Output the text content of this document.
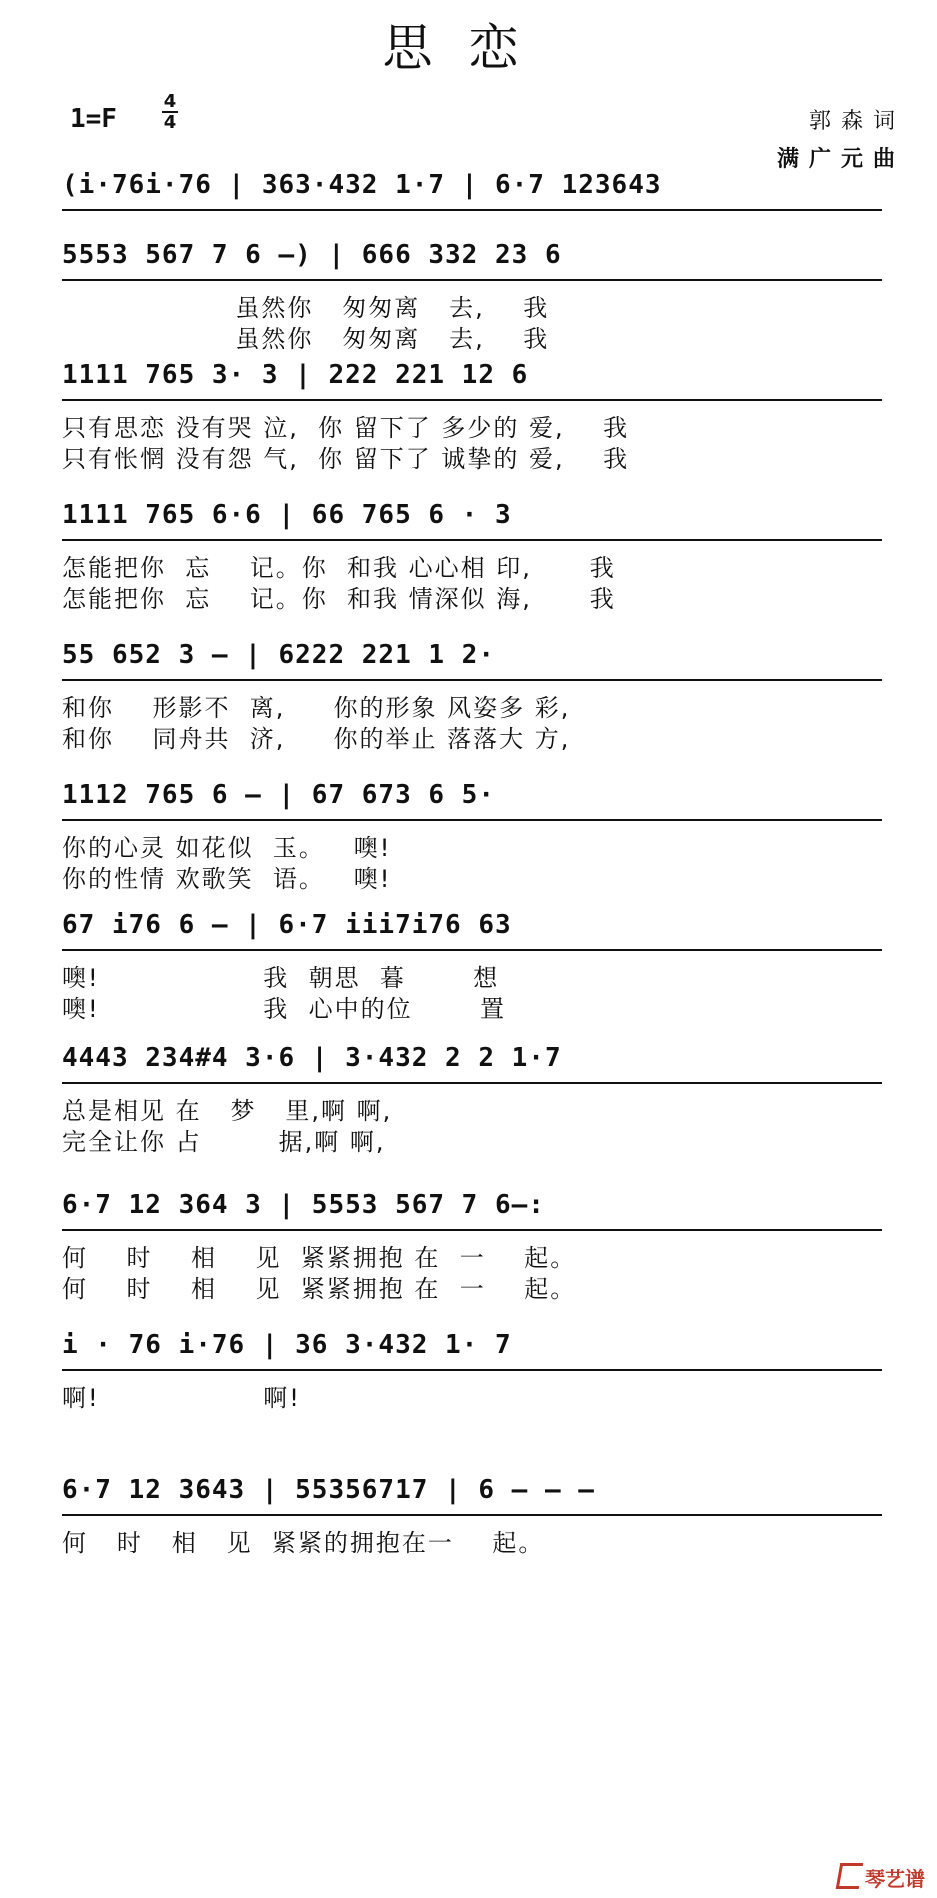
思恋
1=F
4
4	郭森词
满广元曲
(i·76i·76 | 363·432 1·7 | 6·7 123643
5553 567 7 6 —) | 666 332 23 6
虽然你   匆匆离   去,    我
虽然你   匆匆离   去,    我
1111 765 3· 3 | 222 221 12 6
只有思恋 没有哭 泣,  你 留下了 多少的 爱,    我
只有怅惘 没有怨 气,  你 留下了 诚挚的 爱,    我
1111 765 6·6 | 66 765 6 · 3
怎能把你  忘    记。你  和我 心心相 印,      我
怎能把你  忘    记。你  和我 情深似 海,      我
55 652 3 — | 6222 221 1 2·
和你    形影不  离,     你的形象 风姿多 彩,
和你    同舟共  济,     你的举止 落落大 方,
1112 765 6 — | 67 673 6 5·
你的心灵 如花似  玉。   噢!
你的性情 欢歌笑  语。   噢!
67 i76 6 — | 6·7 iii7i76 63
噢!                 我  朝思  暮       想
噢!                 我  心中的位       置
4443 234#4 3·6 | 3·432 2 2 1·7
总是相见 在   梦   里,啊 啊,
完全让你 占        据,啊 啊,
6·7 12 364 3 | 5553 567 7 6—:
何    时    相    见  紧紧拥抱 在  一    起。
何    时    相    见  紧紧拥抱 在  一    起。
i · 76 i·76 | 36 3·432 1· 7
啊!                 啊!
6·7 12 3643 | 55356717 | 6 — — —
何   时   相   见  紧紧的拥抱在一    起。
琴艺谱
